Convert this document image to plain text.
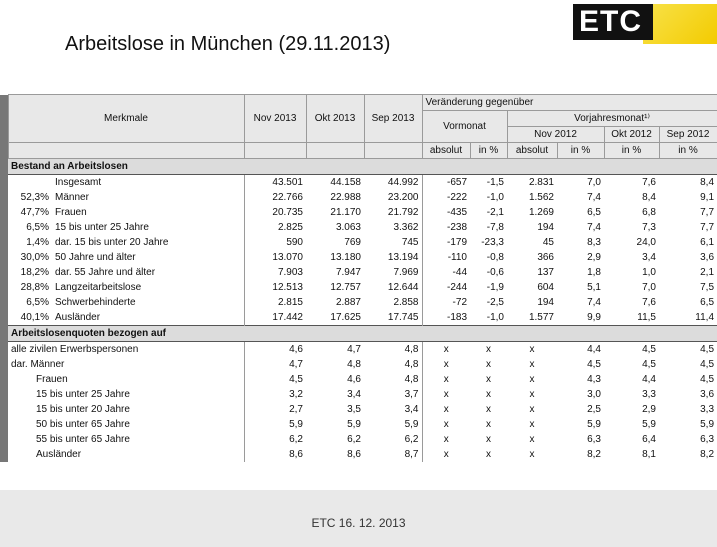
Arbeitslose in München (29.11.2013)
ETC
	Merkmale		Nov 2013	Okt 2013	Sep 2013	Veränderung gegenüber					
						Vormonat		Vorjahresmonat¹⁾			
								Nov 2012		Okt 2012	Sep 2012
						absolut	in %	absolut	in %	in %	in %
	Bestand an Arbeitslosen										
		Insgesamt	43.501	44.158	44.992	-657	-1,5	2.831	7,0	7,6	8,4
	52,3%	Männer	22.766	22.988	23.200	-222	-1,0	1.562	7,4	8,4	9,1
	47,7%	Frauen	20.735	21.170	21.792	-435	-2,1	1.269	6,5	6,8	7,7
	6,5%	15 bis unter 25 Jahre	2.825	3.063	3.362	-238	-7,8	194	7,4	7,3	7,7
	1,4%	dar. 15 bis unter 20 Jahre	590	769	745	-179	-23,3	45	8,3	24,0	6,1
	30,0%	50 Jahre und älter	13.070	13.180	13.194	-110	-0,8	366	2,9	3,4	3,6
	18,2%	dar. 55 Jahre und älter	7.903	7.947	7.969	-44	-0,6	137	1,8	1,0	2,1
	28,8%	Langzeitarbeitslose	12.513	12.757	12.644	-244	-1,9	604	5,1	7,0	7,5
	6,5%	Schwerbehinderte	2.815	2.887	2.858	-72	-2,5	194	7,4	7,6	6,5
	40,1%	Ausländer	17.442	17.625	17.745	-183	-1,0	1.577	9,9	11,5	11,4
	Arbeitslosenquoten bezogen auf										
	alle zivilen Erwerbspersonen		4,6	4,7	4,8	x	x	x	4,4	4,5	4,5
	dar. Männer		4,7	4,8	4,8	x	x	x	4,5	4,5	4,5
	Frauen		4,5	4,6	4,8	x	x	x	4,3	4,4	4,5
	15 bis unter 25 Jahre		3,2	3,4	3,7	x	x	x	3,0	3,3	3,6
	15 bis unter 20 Jahre		2,7	3,5	3,4	x	x	x	2,5	2,9	3,3
	50 bis unter 65 Jahre		5,9	5,9	5,9	x	x	x	5,9	5,9	5,9
	55 bis unter 65 Jahre		6,2	6,2	6,2	x	x	x	6,3	6,4	6,3
	Ausländer		8,6	8,6	8,7	x	x	x	8,2	8,1	8,2
ETC 16. 12. 2013
